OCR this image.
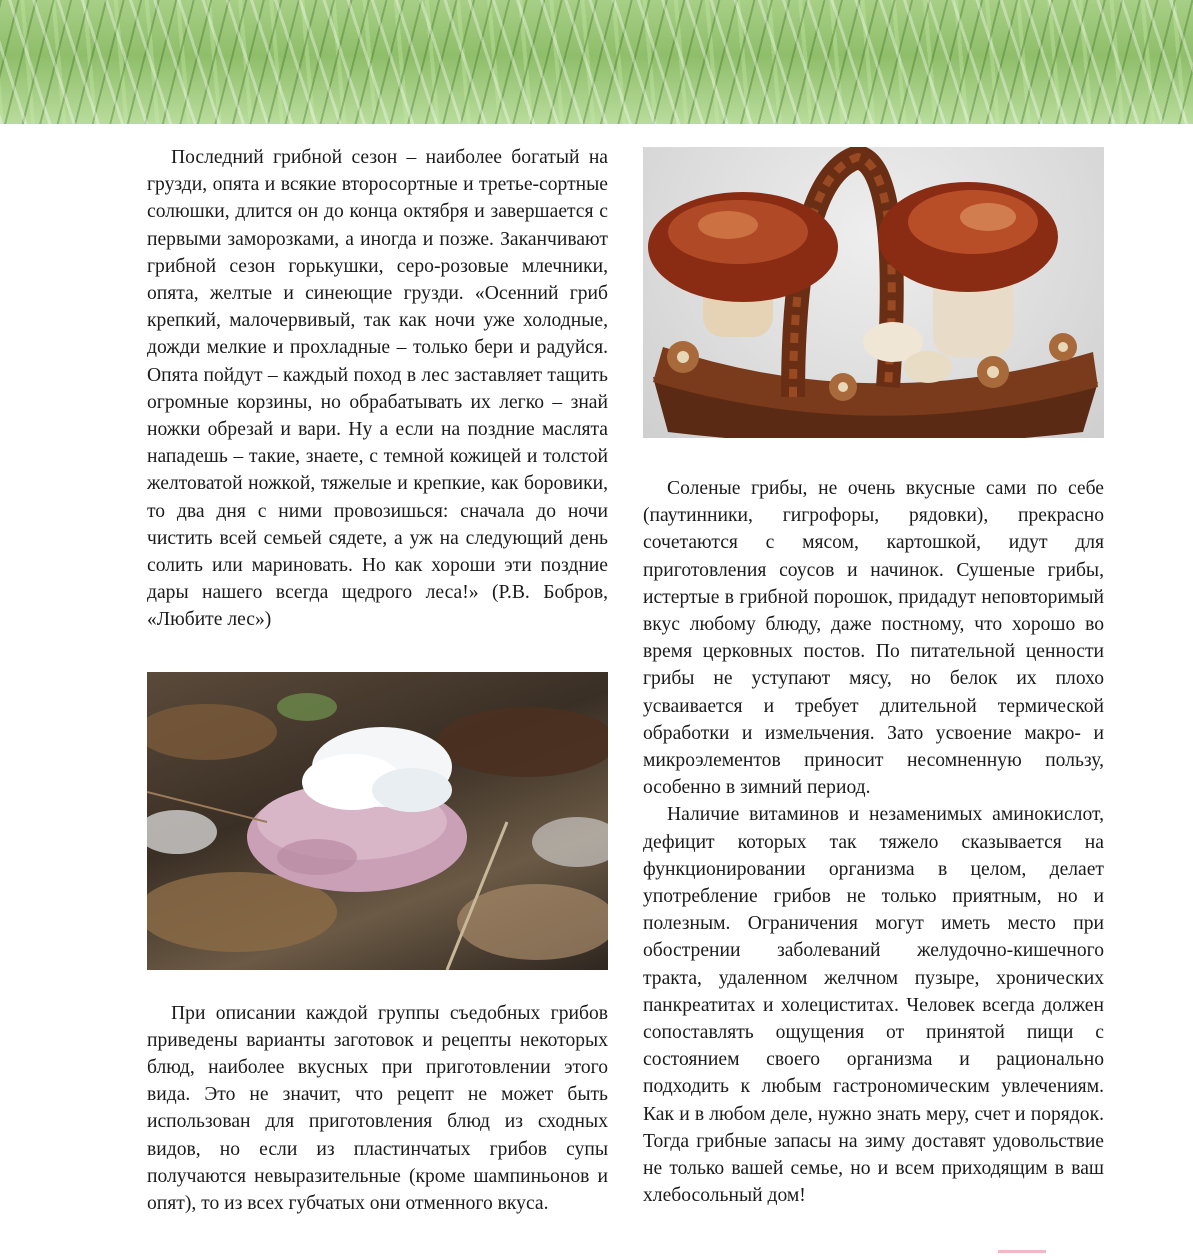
Последний грибной сезон – наиболее богатый на грузди, опята и всякие второсортные и третье-сортные солюшки, длится он до конца октября и завершается с первыми заморозками, а иногда и позже. Заканчивают грибной сезон горькушки, серо-розовые млечники, опята, желтые и синеющие грузди. «Осенний гриб крепкий, малочервивый, так как ночи уже холодные, дожди мелкие и прохладные – только бери и радуйся. Опята пойдут – каждый поход в лес заставляет тащить огромные корзины, но обрабатывать их легко – знай ножки обрезай и вари. Ну а если на поздние маслята нападешь – такие, знаете, с темной кожицей и толстой желтоватой ножкой, тяжелые и крепкие, как боровики, то два дня с ними провозишься: сначала до ночи чистить всей семьей сядете, а уж на следующий день солить или мариновать. Но как хороши эти поздние дары нашего всегда щедрого леса!» (Р.В. Бобров, «Любите лес»)

При описании каждой группы съедобных грибов приведены варианты заготовок и рецепты некоторых блюд, наиболее вкусных при приготовлении этого вида. Это не значит, что рецепт не может быть использован для приготовления блюд из сходных видов, но если из пластинчатых грибов супы получаются невыразительные (кроме шампиньонов и опят), то из всех губчатых они отменного вкуса.

Соленые грибы, не очень вкусные сами по себе (паутинники, гигрофоры, рядовки), прекрасно сочетаются с мясом, картошкой, идут для приготовления соусов и начинок. Сушеные грибы, истертые в грибной порошок, придадут неповторимый вкус любому блюду, даже постному, что хорошо во время церковных постов. По питательной ценности грибы не уступают мясу, но белок их плохо усваивается и требует длительной термической обработки и измельчения. Зато усвоение макро- и микроэлементов приносит несомненную пользу, особенно в зимний период.

Наличие витаминов и незаменимых аминокислот, дефицит которых так тяжело сказывается на функционировании организма в целом, делает употребление грибов не только приятным, но и полезным. Ограничения могут иметь место при обострении заболеваний желудочно-кишечного тракта, удаленном желчном пузыре, хронических панкреатитах и холециститах. Человек всегда должен сопоставлять ощущения от принятой пищи с состоянием своего организма и рационально подходить к любым гастрономическим увлечениям. Как и в любом деле, нужно знать меру, счет и порядок. Тогда грибные запасы на зиму доставят удовольствие не только вашей семье, но и всем приходящим в ваш хлебосольный дом!
